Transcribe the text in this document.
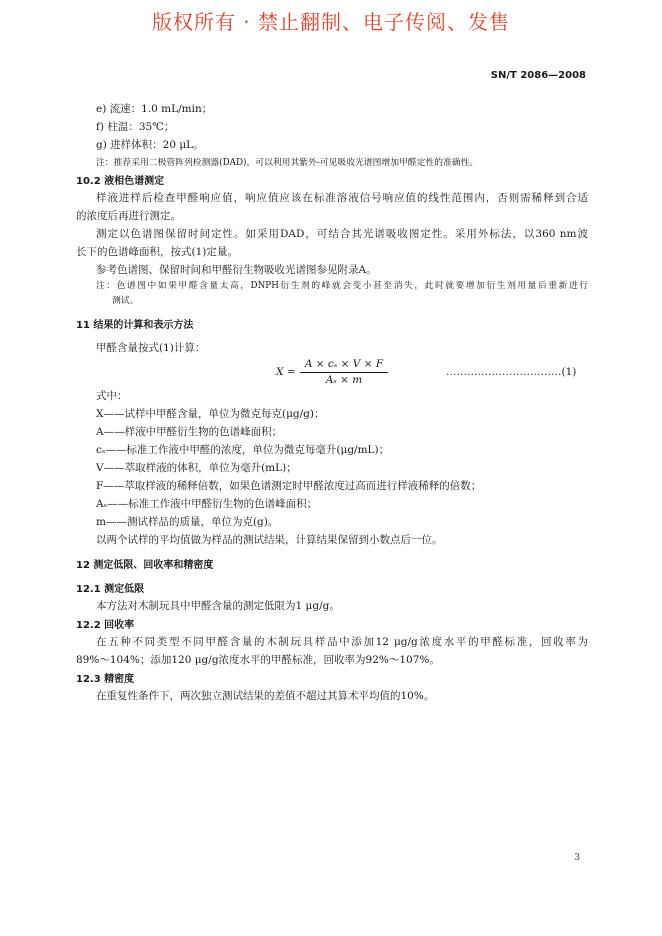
版权所有 · 禁止翻制、电子传阅、发售
SN/T 2086—2008
e) 流速：1.0 mL/min；
f) 柱温：35℃；
g) 进样体积：20 μL。
注：推荐采用二极管阵列检测器(DAD)，可以利用其紫外-可见吸收光谱图增加甲醛定性的准确性。
10.2 液相色谱测定
样液进样后检查甲醛响应值，响应值应该在标准溶液信号响应值的线性范围内，否则需稀释到合适
的浓度后再进行测定。
测定以色谱图保留时间定性。如采用DAD，可结合其光谱吸收图定性。采用外标法，以360 nm波
长下的色谱峰面积，按式(1)定量。
参考色谱图、保留时间和甲醛衍生物吸收光谱图参见附录A。
注：色谱图中如果甲醛含量太高，DNPH衍生剂的峰就会变小甚至消失，此时就要增加衍生剂用量后重新进行
测试。
11 结果的计算和表示方法
甲醛含量按式(1)计算：
$X = \frac{\text{A × cₛ × V × F}}{\text{Aₛ × m}}$	……………………………(1)
式中：
X——试样中甲醛含量，单位为微克每克(μg/g)；
A——样液中甲醛衍生物的色谱峰面积；
cₛ——标准工作液中甲醛的浓度，单位为微克每毫升(μg/mL)；
V——萃取样液的体积，单位为毫升(mL)；
F——萃取样液的稀释倍数，如果色谱测定时甲醛浓度过高而进行样液稀释的倍数；
Aₛ——标准工作液中甲醛衍生物的色谱峰面积；
m——测试样品的质量，单位为克(g)。
以两个试样的平均值做为样品的测试结果，计算结果保留到小数点后一位。
12 测定低限、回收率和精密度
12.1 测定低限
本方法对木制玩具中甲醛含量的测定低限为1 μg/g。
12.2 回收率
在五种不同类型不同甲醛含量的木制玩具样品中添加12 μg/g浓度水平的甲醛标准，回收率为
89%～104%；添加120 μg/g浓度水平的甲醛标准，回收率为92%～107%。
12.3 精密度
在重复性条件下，两次独立测试结果的差值不超过其算术平均值的10%。
3
